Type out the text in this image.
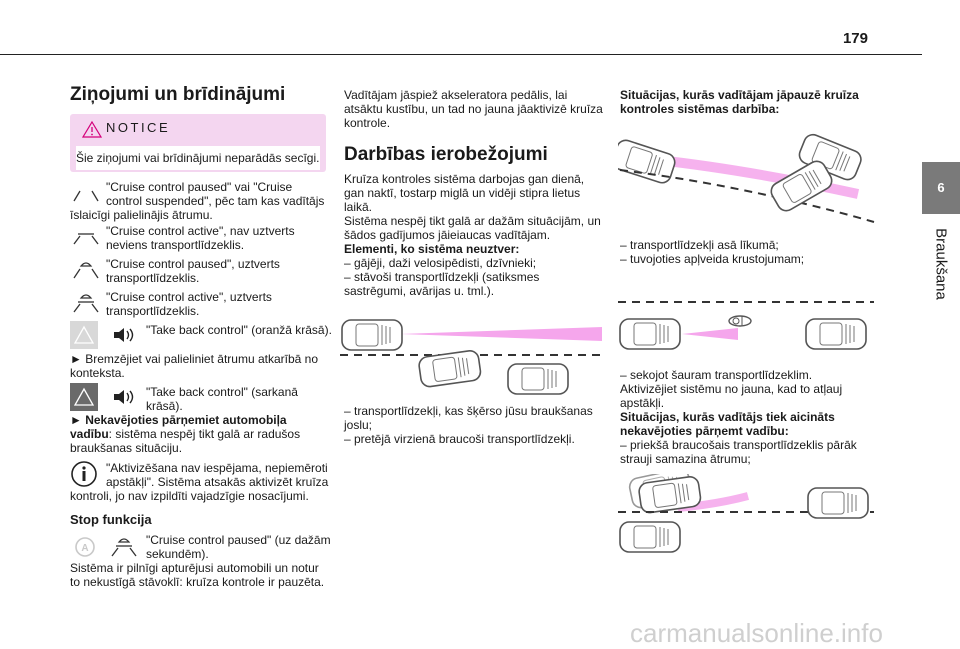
179
6
Braukšana
Ziņojumi un brīdinājumi
NOTICE
Šie ziņojumi vai brīdinājumi neparādās secīgi.

"Cruise control paused" vai "Cruise

control suspended", pēc tam kas vadītājs

īslaicīgi palielinājis ātrumu.

"Cruise control active", nav uztverts

neviens transportlīdzeklis.

"Cruise control paused", uztverts

transportlīdzeklis.

"Cruise control active", uztverts

transportlīdzeklis.

"Take back control" (oranžā krāsā).

► Bremzējiet vai palieliniet ātrumu atkarībā no

konteksta.

"Take back control" (sarkanā

krāsā).

► Nekavējoties pārņemiet automobiļa

vadību: sistēma nespēj tikt galā ar radušos

braukšanas situāciju.

"Aktivizēšana nav iespējama, nepiemēroti

apstākļi". Sistēma atsakās aktivizēt kruīza

kontroli, jo nav izpildīti vajadzīgie nosacījumi.

Stop funkcija

A

"Cruise control paused" (uz dažām

sekundēm).

Sistēma ir pilnīgi apturējusi automobili un notur

to nekustīgā stāvoklī: kruīza kontrole ir pauzēta.

Vadītājam jāspiež akseleratora pedālis, lai

atsāktu kustību, un tad no jauna jāaktivizē kruīza

kontrole.

Darbības ierobežojumi

Kruīza kontroles sistēma darbojas gan dienā,

gan naktī, tostarp miglā un vidēji stipra lietus

laikā.

Sistēma nespēj tikt galā ar dažām situācijām, un

šādos gadījumos jāieiaucas vadītājam.

Elementi, ko sistēma neuztver:

– gājēji, daži velosipēdisti, dzīvnieki;

– stāvoši transportlīdzekļi (satiksmes

sastrēgumi, avārijas u. tml.).

– transportlīdzekļi, kas šķērso jūsu braukšanas

joslu;

– pretējā virzienā braucoši transportlīdzekļi.

Situācijas, kurās vadītājam jāpauzē kruīza

kontroles sistēmas darbība:

– transportlīdzekļi asā līkumā;

– tuvojoties apļveida krustojumam;

– sekojot šauram transportlīdzeklim.

Aktivizējiet sistēmu no jauna, kad to atļauj

apstākļi.

Situācijas, kurās vadītājs tiek aicināts

nekavējoties pārņemt vadību:

– priekšā braucošais transportlīdzeklis pārāk

strauji samazina ātrumu;

carmanualsonline.info
